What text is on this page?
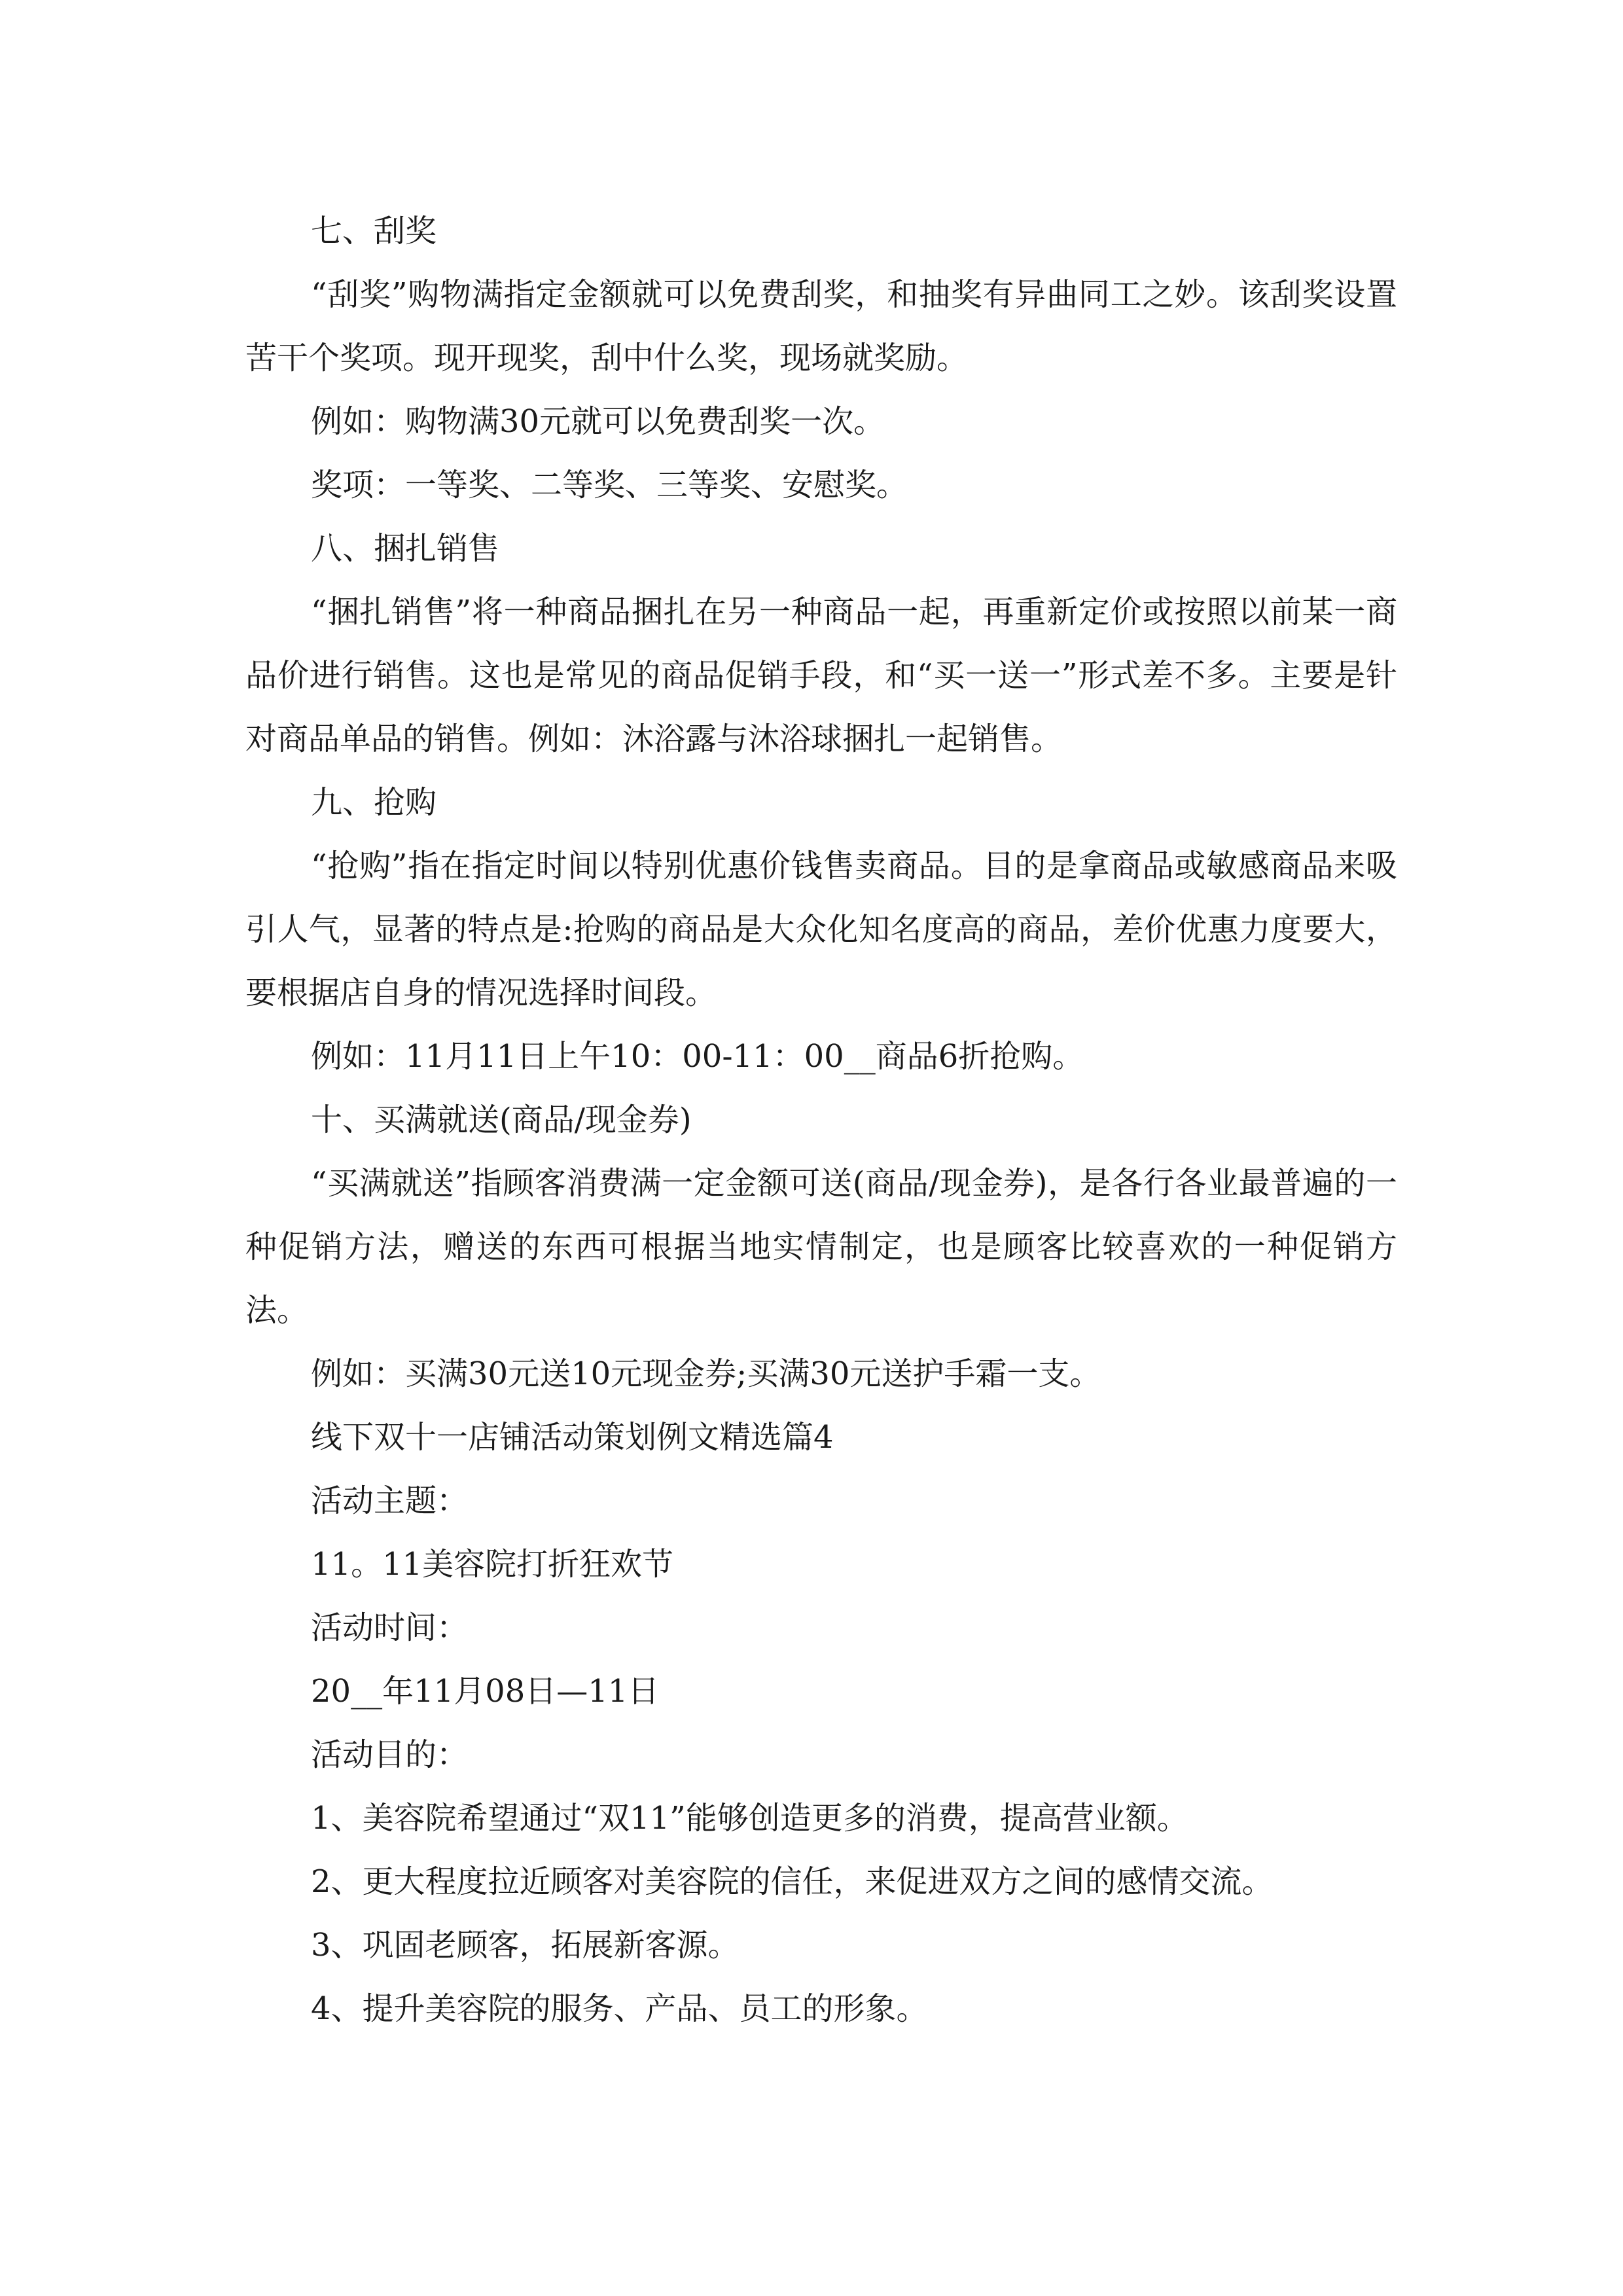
七、刮奖

“刮奖”购物满指定金额就可以免费刮奖，和抽奖有异曲同工之妙。该刮奖设置苦干个奖项。现开现奖，刮中什么奖，现场就奖励。

例如：购物满30元就可以免费刮奖一次。

奖项：一等奖、二等奖、三等奖、安慰奖。

八、捆扎销售

“捆扎销售”将一种商品捆扎在另一种商品一起，再重新定价或按照以前某一商品价进行销售。这也是常见的商品促销手段，和“买一送一”形式差不多。主要是针对商品单品的销售。例如：沐浴露与沐浴球捆扎一起销售。

九、抢购

“抢购”指在指定时间以特别优惠价钱售卖商品。目的是拿商品或敏感商品来吸引人气，显著的特点是:抢购的商品是大众化知名度高的商品，差价优惠力度要大，要根据店自身的情况选择时间段。

例如：11月11日上午10：00-11：00__商品6折抢购。

十、买满就送(商品/现金券)

“买满就送”指顾客消费满一定金额可送(商品/现金券)，是各行各业最普遍的一种促销方法，赠送的东西可根据当地实情制定，也是顾客比较喜欢的一种促销方法。

例如：买满30元送10元现金券;买满30元送护手霜一支。

线下双十一店铺活动策划例文精选篇4

活动主题：

11。11美容院打折狂欢节

活动时间：

20__年11月08日—11日

活动目的：

1、美容院希望通过“双11”能够创造更多的消费，提高营业额。

2、更大程度拉近顾客对美容院的信任，来促进双方之间的感情交流。

3、巩固老顾客，拓展新客源。

4、提升美容院的服务、产品、员工的形象。
